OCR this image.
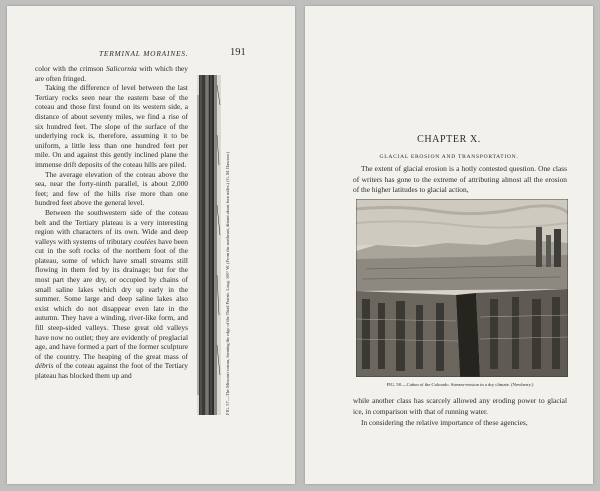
TERMINAL MORAINES.	191

color with the crimson Salicornia with which they are often fringed.

Taking the difference of level between the last Tertiary rocks seen near the eastern base of the coteau and those first found on its western side, a distance of about seventy miles, we find a rise of six hundred feet. The slope of the surface of the underlying rock is, therefore, assuming it to be uniform, a little less than one hundred feet per mile. On and against this gently inclined plane the immense drift deposits of the coteau hills are piled.

The average elevation of the coteau above the sea, near the forty-ninth parallel, is about 2,000 feet; and few of the hills rise more than one hundred feet above the general level.

Between the southwestern side of the coteau belt and the Tertiary plateau is a very interesting region with characters of its own. Wide and deep valleys with systems of tributary coulées have been cut in the soft rocks of the northern foot of the plateau, some of which have small streams still flowing in them fed by its drainage; but for the most part they are dry, or occupied by chains of small saline lakes which dry up early in the summer. Some large and deep saline lakes also exist which do not disappear even late in the autumn. They have a winding, river-like form, and fill steep-sided valleys. These great old valleys have now no outlet; they are evidently of preglacial age, and have formed a part of the former sculpture of the country. The heaping of the great mass of débris of the coteau against the foot of the Tertiary plateau has blocked them up and	FIG. 57.—The Missouri coteau, forming the edge of the Third Prairie. Long. 100° W. (From the northeast, distant about four miles.) (G. M. Dawson.)
CHAPTER X.
GLACIAL EROSION AND TRANSPORTATION.

The extent of glacial erosion is a hotly contested question. One class of writers has gone to the extreme of attributing almost all the erosion of the higher latitudes to glacial action,

FIG. 58.—Cañon of the Colorado. Stream-erosion in a dry climate. (Newberry.)

while another class has scarcely allowed any eroding power to glacial ice, in comparison with that of running water.

In considering the relative importance of these agencies,
